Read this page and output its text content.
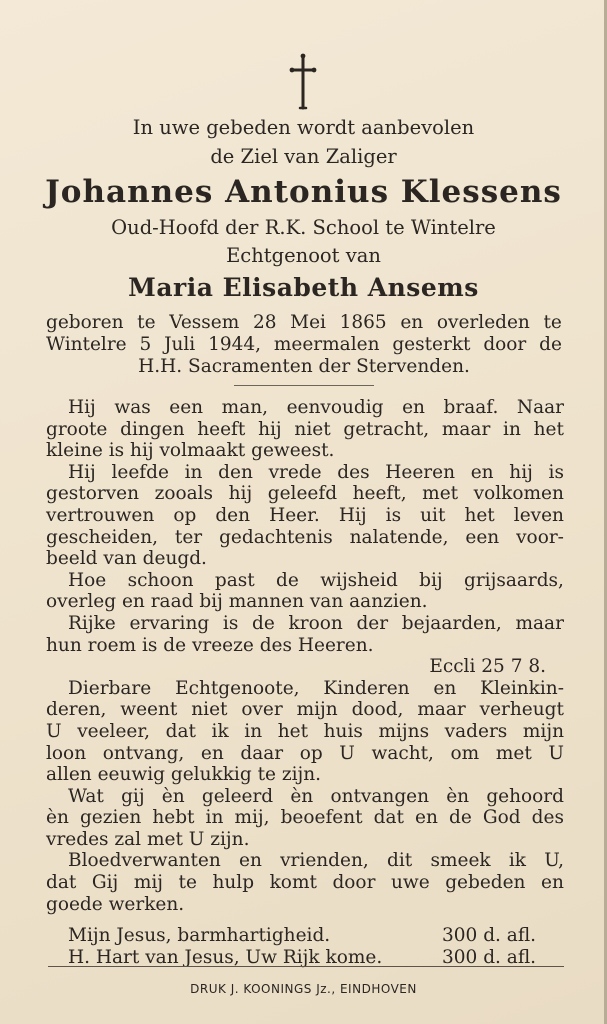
In uwe gebeden wordt aanbevolen
de Ziel van Zaliger
Johannes Antonius Klessens
Oud-Hoofd der R.K. School te Wintelre
Echtgenoot van
Maria Elisabeth Ansems
geboren te Vessem 28 Mei 1865 en overleden te
Wintelre 5 Juli 1944, meermalen gesterkt door de
H.H. Sacramenten der Stervenden.
Hij was een man, eenvoudig en braaf. Naar
groote dingen heeft hij niet getracht, maar in het
kleine is hij volmaakt geweest.
Hij leefde in den vrede des Heeren en hij is
gestorven zooals hij geleefd heeft, met volkomen
vertrouwen op den Heer. Hij is uit het leven
gescheiden, ter gedachtenis nalatende, een voor-
beeld van deugd.
Hoe schoon past de wijsheid bij grijsaards,
overleg en raad bij mannen van aanzien.
Rijke ervaring is de kroon der bejaarden, maar
hun roem is de vreeze des Heeren.
Eccli 25 7 8.
Dierbare Echtgenoote, Kinderen en Kleinkin-
deren, weent niet over mijn dood, maar verheugt
U veeleer, dat ik in het huis mijns vaders mijn
loon ontvang, en daar op U wacht, om met U
allen eeuwig gelukkig te zijn.
Wat gij èn geleerd èn ontvangen èn gehoord
èn gezien hebt in mij, beoefent dat en de God des
vredes zal met U zijn.
Bloedverwanten en vrienden, dit smeek ik U,
dat Gij mij te hulp komt door uwe gebeden en
goede werken.
Mijn Jesus, barmhartigheid.	300 d. afl.
H. Hart van Jesus, Uw Rijk kome.	300 d. afl.
DRUK J. KOONINGS Jz., EINDHOVEN
